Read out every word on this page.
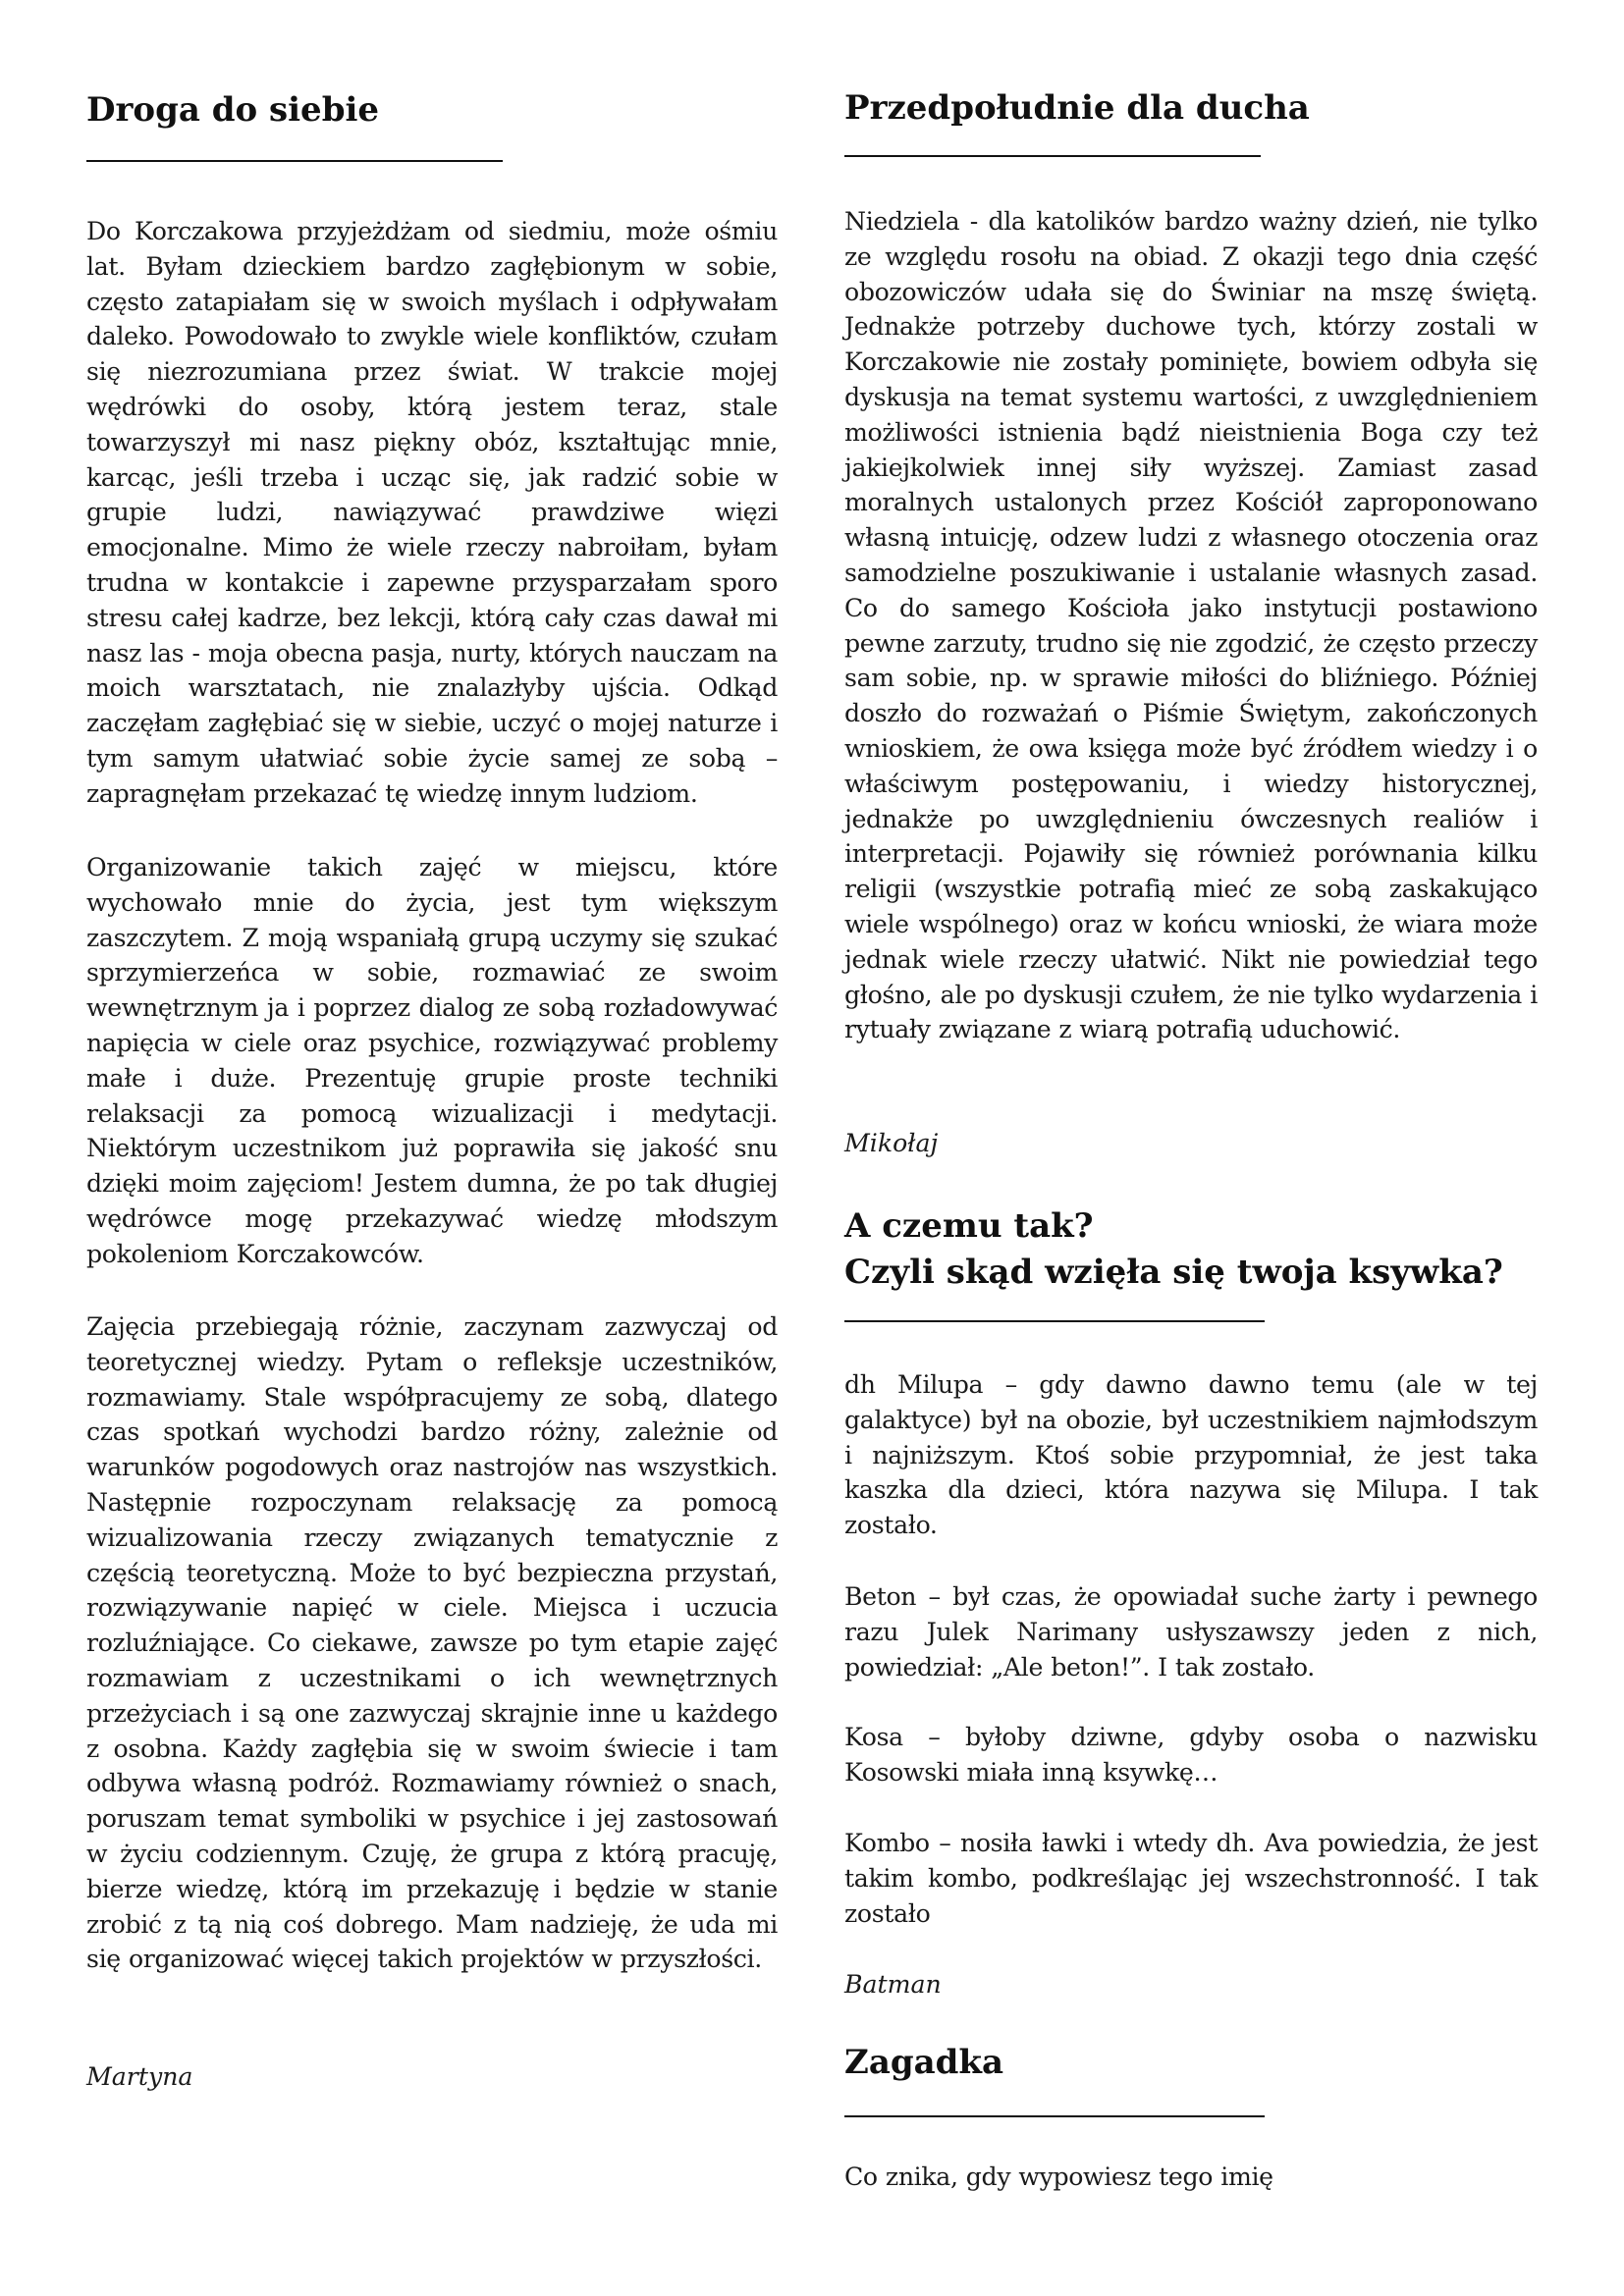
Droga do siebie

Do Korczakowa przyjeżdżam od siedmiu, może ośmiu lat. Byłam dzieckiem bardzo zagłębionym w sobie, często zatapiałam się w swoich myślach i odpływałam daleko. Powodowało to zwykle wiele konfliktów, czułam się niezrozumiana przez świat. W trakcie mojej wędrówki do osoby, którą jestem teraz, stale towarzyszył mi nasz piękny obóz, kształtując mnie, karcąc, jeśli trzeba i ucząc się, jak radzić sobie w grupie ludzi, nawiązywać prawdziwe więzi emocjonalne. Mimo że wiele rzeczy nabroiłam, byłam trudna w kontakcie i zapewne przysparzałam sporo stresu całej kadrze, bez lekcji, którą cały czas dawał mi nasz las - moja obecna pasja, nurty, których nauczam na moich warsztatach, nie znalazłyby ujścia. Odkąd zaczęłam zagłębiać się w siebie, uczyć o mojej naturze i tym samym ułatwiać sobie życie samej ze sobą – zapragnęłam przekazać tę wiedzę innym ludziom.

Organizowanie takich zajęć w miejscu, które wychowało mnie do życia, jest tym większym zaszczytem. Z moją wspaniałą grupą uczymy się szukać sprzymierzeńca w sobie, rozmawiać ze swoim wewnętrznym ja i poprzez dialog ze sobą rozładowywać napięcia w ciele oraz psychice, rozwiązywać problemy małe i duże. Prezentuję grupie proste techniki relaksacji za pomocą wizualizacji i medytacji. Niektórym uczestnikom już poprawiła się jakość snu dzięki moim zajęciom! Jestem dumna, że po tak długiej wędrówce mogę przekazywać wiedzę młodszym pokoleniom Korczakowców.

Zajęcia przebiegają różnie, zaczynam zazwyczaj od teoretycznej wiedzy. Pytam o refleksje uczestników, rozmawiamy. Stale współpracujemy ze sobą, dlatego czas spotkań wychodzi bardzo różny, zależnie od warunków pogodowych oraz nastrojów nas wszystkich. Następnie rozpoczynam relaksację za pomocą wizualizowania rzeczy związanych tematycznie z częścią teoretyczną. Może to być bezpieczna przystań, rozwiązywanie napięć w ciele. Miejsca i uczucia rozluźniające. Co ciekawe, zawsze po tym etapie zajęć rozmawiam z uczestnikami o ich wewnętrznych przeżyciach i są one zazwyczaj skrajnie inne u każdego z osobna. Każdy zagłębia się w swoim świecie i tam odbywa własną podróż. Rozmawiamy również o snach, poruszam temat symboliki w psychice i jej zastosowań w życiu codziennym. Czuję, że grupa z którą pracuję, bierze wiedzę, którą im przekazuję i będzie w stanie zrobić z tą nią coś dobrego. Mam nadzieję, że uda mi się organizować więcej takich projektów w przyszłości.

Martyna
Przedpołudnie dla ducha

Niedziela - dla katolików bardzo ważny dzień, nie tylko ze względu rosołu na obiad. Z okazji tego dnia część obozowiczów udała się do Świniar na mszę świętą. Jednakże potrzeby duchowe tych, którzy zostali w Korczakowie nie zostały pominięte, bowiem odbyła się dyskusja na temat systemu wartości, z uwzględnieniem możliwości istnienia bądź nieistnienia Boga czy też jakiejkolwiek innej siły wyższej. Zamiast zasad moralnych ustalonych przez Kościół zaproponowano własną intuicję, odzew ludzi z własnego otoczenia oraz samodzielne poszukiwanie i ustalanie własnych zasad. Co do samego Kościoła jako instytucji postawiono pewne zarzuty, trudno się nie zgodzić, że często przeczy sam sobie, np. w sprawie miłości do bliźniego. Później doszło do rozważań o Piśmie Świętym, zakończonych wnioskiem, że owa księga może być źródłem wiedzy i o właściwym postępowaniu, i wiedzy historycznej, jednakże po uwzględnieniu ówczesnych realiów i interpretacji. Pojawiły się również porównania kilku religii (wszystkie potrafią mieć ze sobą zaskakująco wiele wspólnego) oraz w końcu wnioski, że wiara może jednak wiele rzeczy ułatwić. Nikt nie powiedział tego głośno, ale po dyskusji czułem, że nie tylko wydarzenia i rytuały związane z wiarą potrafią uduchowić.

Mikołaj
A czemu tak?
Czyli skąd wzięła się twoja ksywka?

dh Milupa – gdy dawno dawno temu (ale w tej galaktyce) był na obozie, był uczestnikiem najmłodszym i najniższym. Ktoś sobie przypomniał, że jest taka kaszka dla dzieci, która nazywa się Milupa. I tak zostało.

Beton – był czas, że opowiadał suche żarty i pewnego razu Julek Narimany usłyszawszy jeden z nich, powiedział: „Ale beton!”. I tak zostało.

Kosa – byłoby dziwne, gdyby osoba o nazwisku Kosowski miała inną ksywkę…

Kombo – nosiła ławki i wtedy dh. Ava powiedzia, że jest takim kombo, podkreślając jej wszechstronność. I tak zostało

Batman
Zagadka

Co znika, gdy wypowiesz tego imię
